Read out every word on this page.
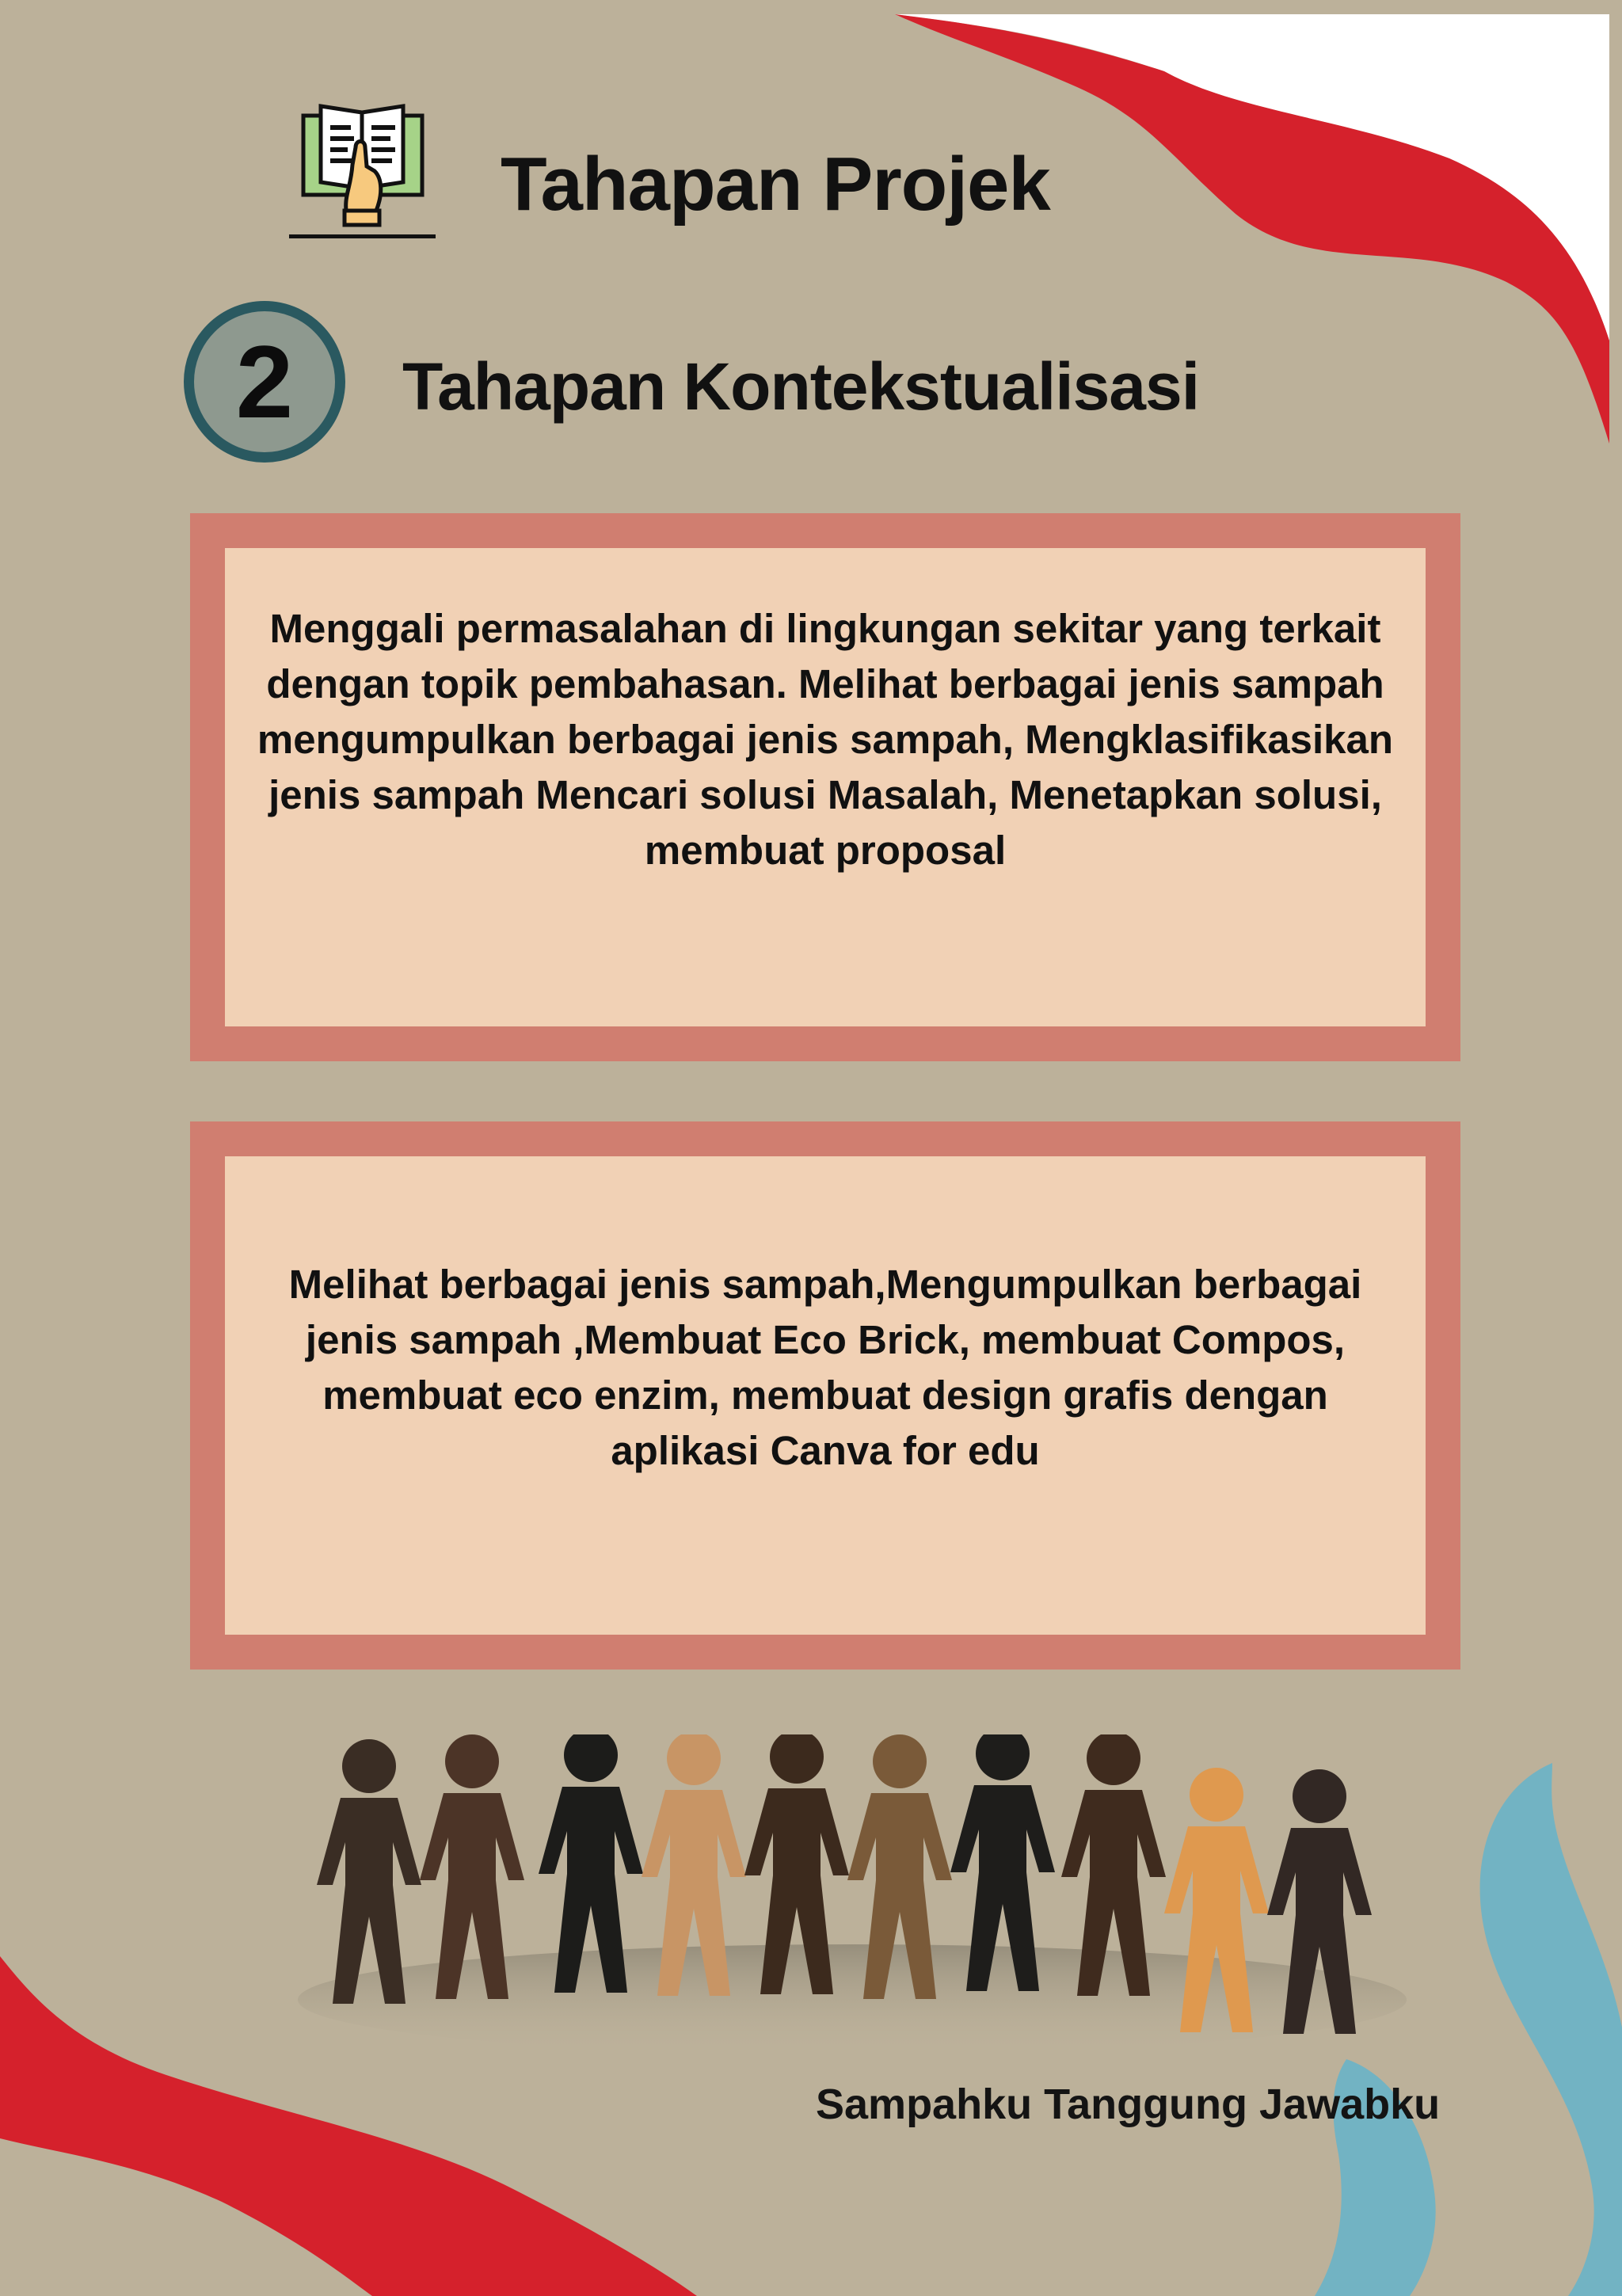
Tahapan Projek
2	Tahapan Kontekstualisasi

Menggali permasalahan di lingkungan sekitar yang terkait dengan topik pembahasan. Melihat berbagai jenis sampah mengumpulkan berbagai jenis sampah, Mengklasifikasikan jenis sampah Mencari solusi Masalah, Menetapkan solusi, membuat proposal

Melihat berbagai jenis sampah,Mengumpulkan berbagai jenis sampah ,Membuat Eco Brick, membuat Compos, membuat eco enzim, membuat design grafis dengan aplikasi Canva for edu

Sampahku Tanggung Jawabku
